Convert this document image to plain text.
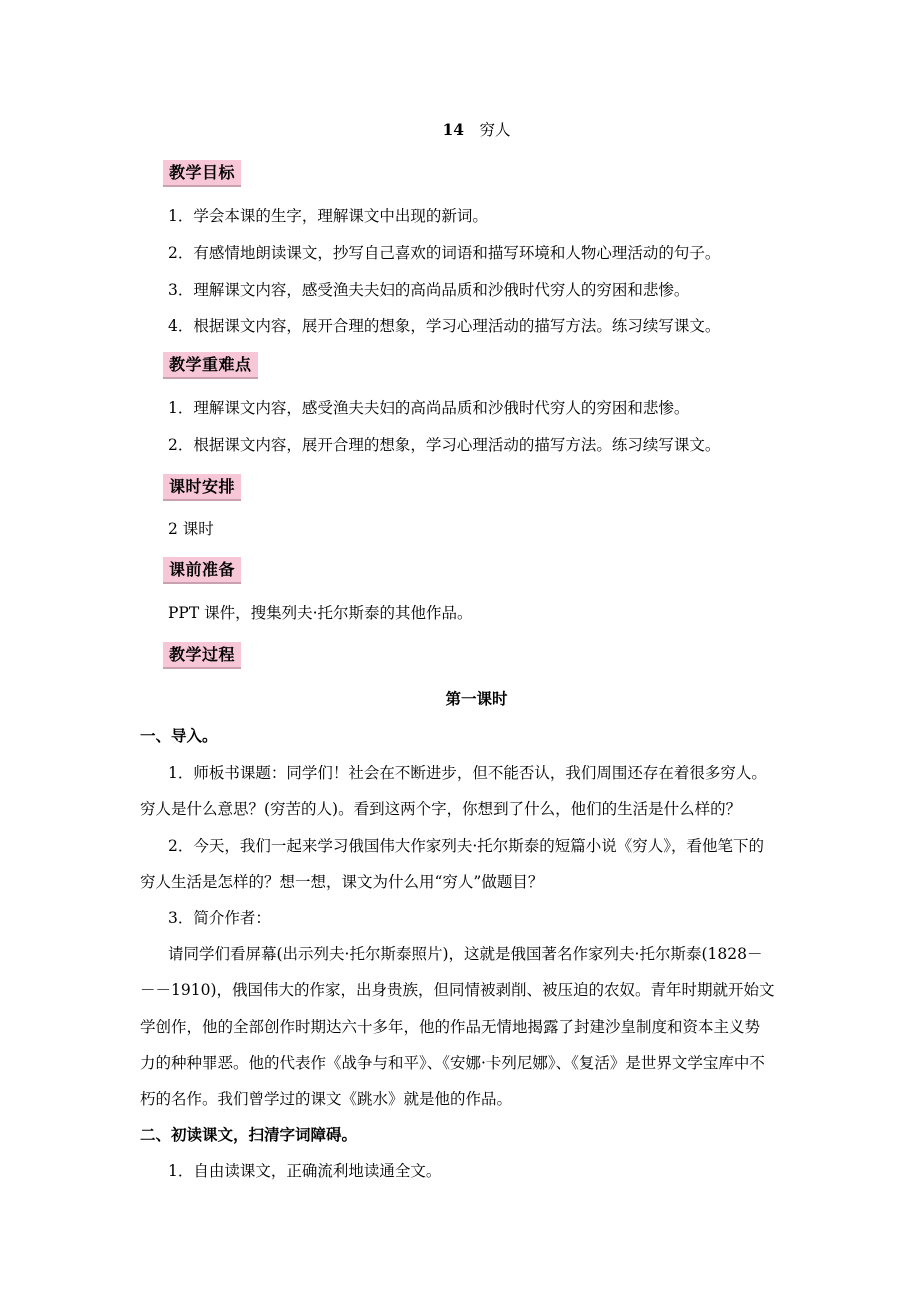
14 穷人
教学目标
1．学会本课的生字，理解课文中出现的新词。
2．有感情地朗读课文，抄写自己喜欢的词语和描写环境和人物心理活动的句子。
3．理解课文内容，感受渔夫夫妇的高尚品质和沙俄时代穷人的穷困和悲惨。
4．根据课文内容，展开合理的想象，学习心理活动的描写方法。练习续写课文。
教学重难点
1．理解课文内容，感受渔夫夫妇的高尚品质和沙俄时代穷人的穷困和悲惨。
2．根据课文内容，展开合理的想象，学习心理活动的描写方法。练习续写课文。
课时安排
2 课时
课前准备
PPT 课件，搜集列夫·托尔斯泰的其他作品。
教学过程
第一课时
一、导入。
1．师板书课题：同学们！社会在不断进步，但不能否认，我们周围还存在着很多穷人。
穷人是什么意思？(穷苦的人)。看到这两个字，你想到了什么，他们的生活是什么样的？
2．今天，我们一起来学习俄国伟大作家列夫·托尔斯泰的短篇小说《穷人》，看他笔下的
穷人生活是怎样的？想一想，课文为什么用“穷人”做题目？
3．简介作者：
请同学们看屏幕(出示列夫·托尔斯泰照片)，这就是俄国著名作家列夫·托尔斯泰(1828－
－－1910)，俄国伟大的作家，出身贵族，但同情被剥削、被压迫的农奴。青年时期就开始文
学创作，他的全部创作时期达六十多年，他的作品无情地揭露了封建沙皇制度和资本主义势
力的种种罪恶。他的代表作《战争与和平》、《安娜·卡列尼娜》、《复活》是世界文学宝库中不
朽的名作。我们曾学过的课文《跳水》就是他的作品。
二、初读课文，扫清字词障碍。
1．自由读课文，正确流利地读通全文。
